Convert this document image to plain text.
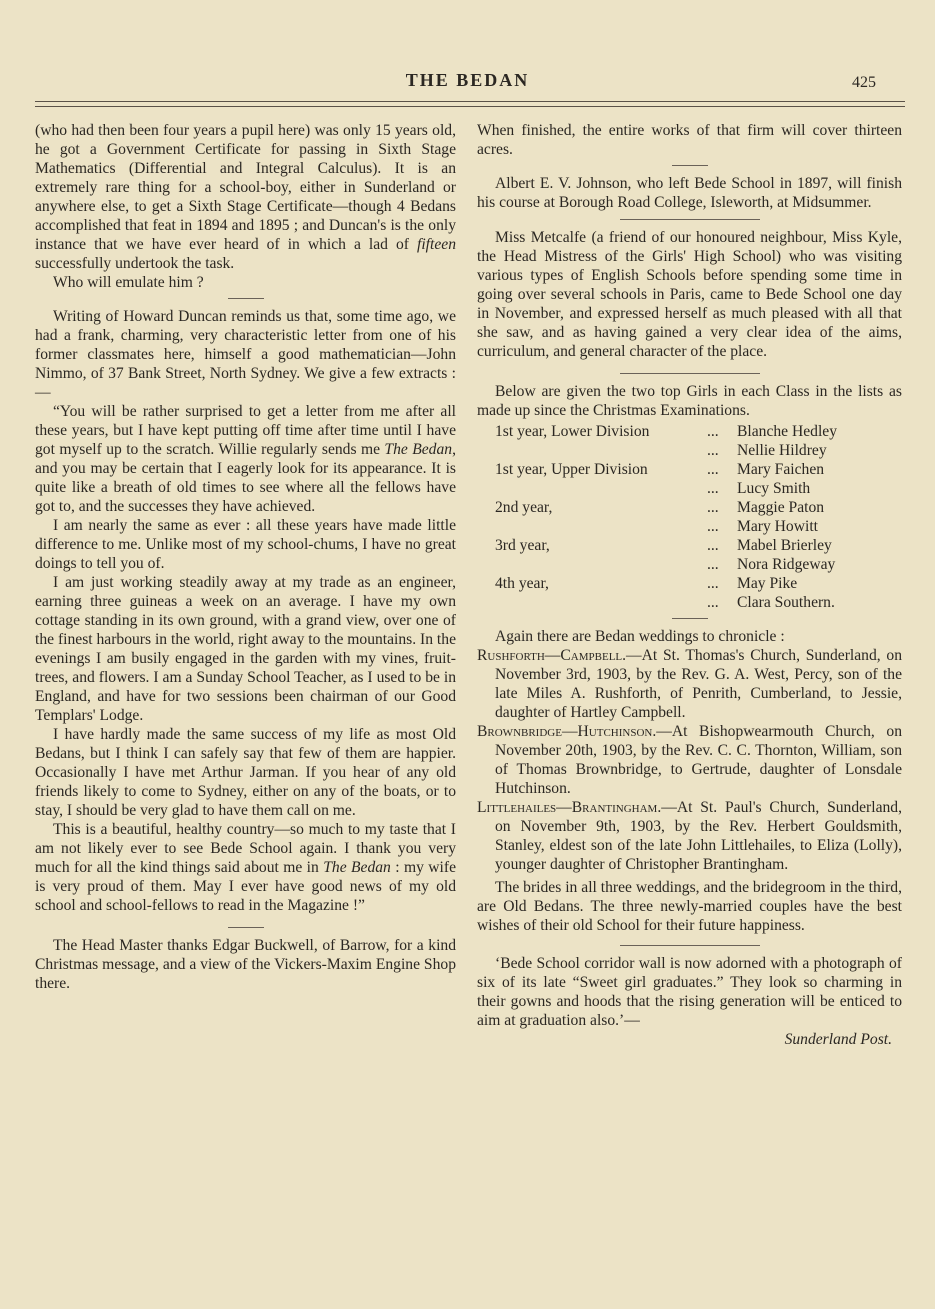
THE BEDAN	425

(who had then been four years a pupil here) was only 15 years old, he got a Government Certificate for passing in Sixth Stage Mathematics (Differential and Integral Calculus). It is an extremely rare thing for a school-boy, either in Sunderland or anywhere else, to get a Sixth Stage Certificate—though 4 Bedans accomplished that feat in 1894 and 1895 ; and Duncan's is the only instance that we have ever heard of in which a lad of fifteen successfully undertook the task.

Who will emulate him ?

Writing of Howard Duncan reminds us that, some time ago, we had a frank, charming, very characteristic letter from one of his former classmates here, himself a good mathematician—John Nimmo, of 37 Bank Street, North Sydney. We give a few extracts :—

“You will be rather surprised to get a letter from me after all these years, but I have kept putting off time after time until I have got myself up to the scratch. Willie regularly sends me The Bedan, and you may be certain that I eagerly look for its appearance. It is quite like a breath of old times to see where all the fellows have got to, and the successes they have achieved.

I am nearly the same as ever : all these years have made little difference to me. Unlike most of my school-chums, I have no great doings to tell you of.

I am just working steadily away at my trade as an engineer, earning three guineas a week on an average. I have my own cottage standing in its own ground, with a grand view, over one of the finest harbours in the world, right away to the mountains. In the evenings I am busily engaged in the garden with my vines, fruit-trees, and flowers. I am a Sunday School Teacher, as I used to be in England, and have for two sessions been chairman of our Good Templars' Lodge.

I have hardly made the same success of my life as most Old Bedans, but I think I can safely say that few of them are happier. Occasionally I have met Arthur Jarman. If you hear of any old friends likely to come to Sydney, either on any of the boats, or to stay, I should be very glad to have them call on me.

This is a beautiful, healthy country—so much to my taste that I am not likely ever to see Bede School again. I thank you very much for all the kind things said about me in The Bedan : my wife is very proud of them. May I ever have good news of my old school and school-fellows to read in the Magazine !”

The Head Master thanks Edgar Buckwell, of Barrow, for a kind Christmas message, and a view of the Vickers-Maxim Engine Shop there.

When finished, the entire works of that firm will cover thirteen acres.

Albert E. V. Johnson, who left Bede School in 1897, will finish his course at Borough Road College, Isleworth, at Midsummer.

Miss Metcalfe (a friend of our honoured neighbour, Miss Kyle, the Head Mistress of the Girls' High School) who was visiting various types of English Schools before spending some time in going over several schools in Paris, came to Bede School one day in November, and expressed herself as much pleased with all that she saw, and as having gained a very clear idea of the aims, curriculum, and general character of the place.

Below are given the two top Girls in each Class in the lists as made up since the Christmas Examinations.

1st year, Lower Division	...	Blanche Hedley
...	Nellie Hildrey
1st year, Upper Division	...	Mary Faichen
...	Lucy Smith
2nd year,	...	Maggie Paton
...	Mary Howitt
3rd year,	...	Mabel Brierley
...	Nora Ridgeway
4th year,	...	May Pike
...	Clara Southern.

Again there are Bedan weddings to chronicle :

Rushforth—Campbell.—At St. Thomas's Church, Sunderland, on November 3rd, 1903, by the Rev. G. A. West, Percy, son of the late Miles A. Rushforth, of Penrith, Cumberland, to Jessie, daughter of Hartley Campbell.

Brownbridge—Hutchinson.—At Bishopwearmouth Church, on November 20th, 1903, by the Rev. C. C. Thornton, William, son of Thomas Brownbridge, to Gertrude, daughter of Lonsdale Hutchinson.

Littlehailes—Brantingham.—At St. Paul's Church, Sunderland, on November 9th, 1903, by the Rev. Herbert Gouldsmith, Stanley, eldest son of the late John Littlehailes, to Eliza (Lolly), younger daughter of Christopher Brantingham.

The brides in all three weddings, and the bridegroom in the third, are Old Bedans. The three newly-married couples have the best wishes of their old School for their future happiness.

‘Bede School corridor wall is now adorned with a photograph of six of its late “Sweet girl graduates.” They look so charming in their gowns and hoods that the rising generation will be enticed to aim at graduation also.’—

Sunderland Post.
